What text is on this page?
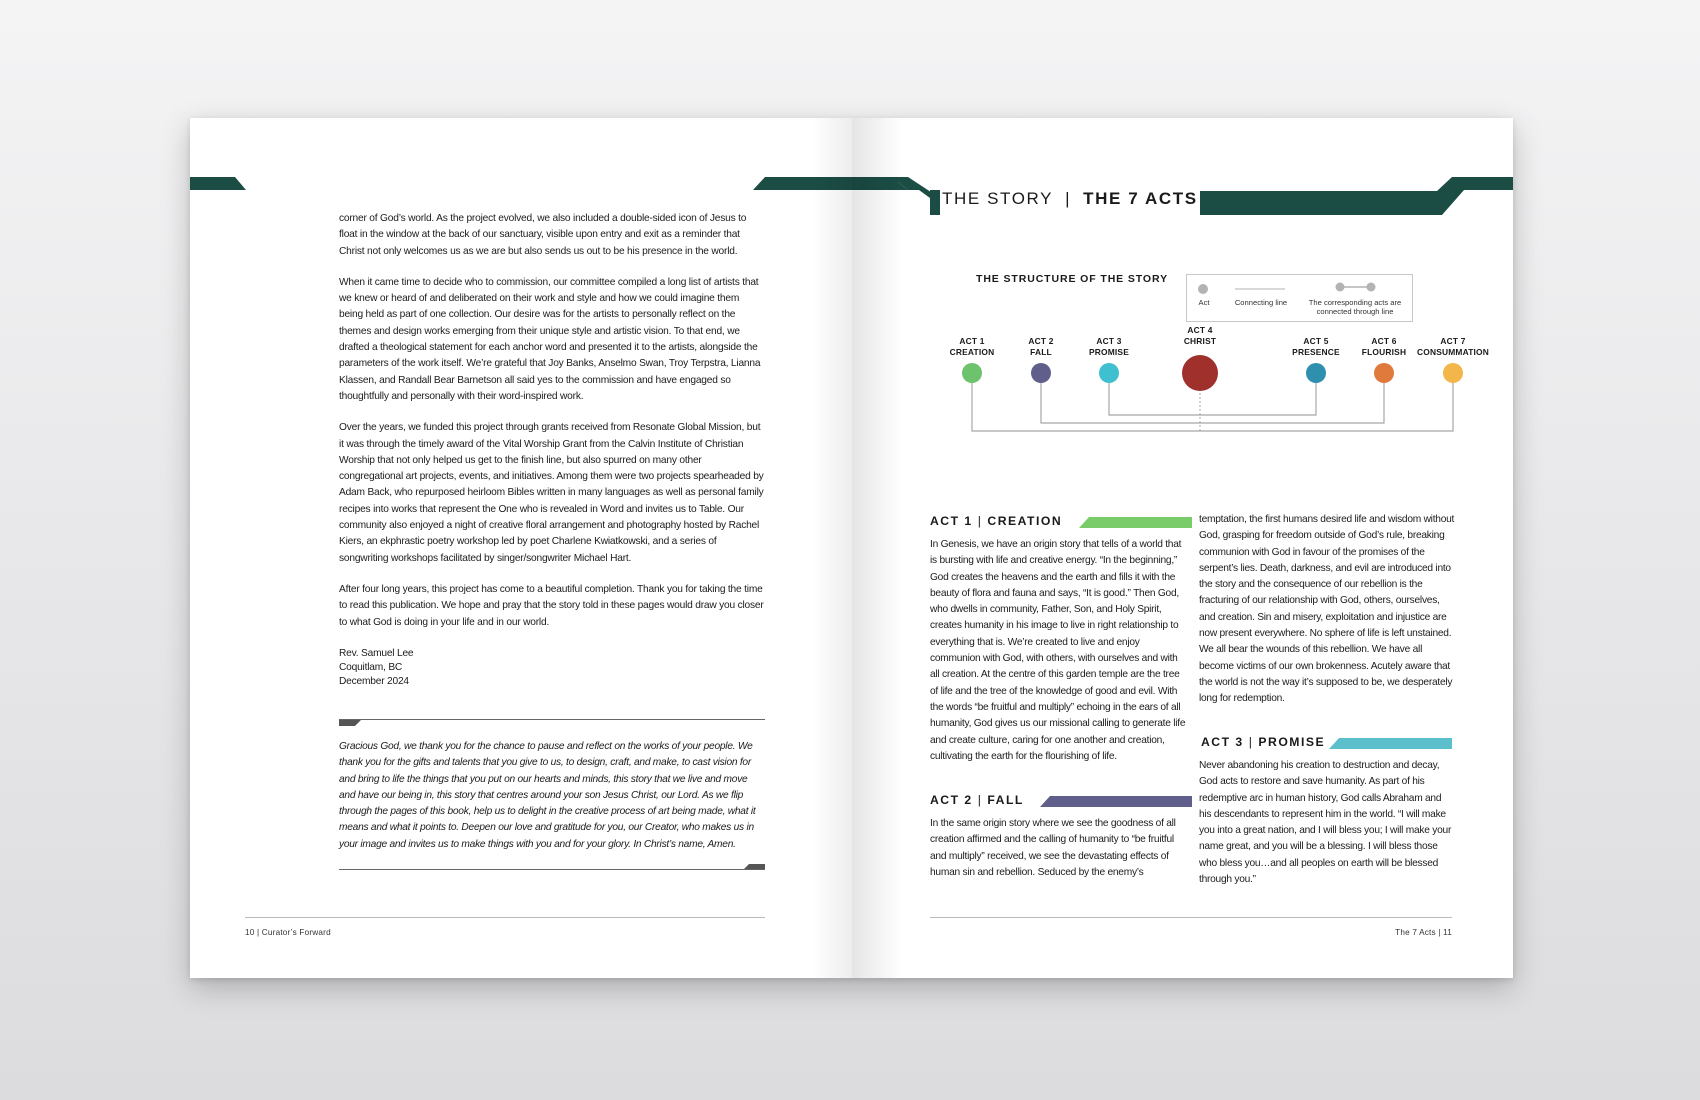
corner of God’s world. As the project evolved, we also included a double-sided icon of Jesus to float in the window at the back of our sanctuary, visible upon entry and exit as a reminder that Christ not only welcomes us as we are but also sends us out to be his presence in the world.

When it came time to decide who to commission, our committee compiled a long list of artists that we knew or heard of and deliberated on their work and style and how we could imagine them being held as part of one collection. Our desire was for the artists to personally reflect on the themes and design works emerging from their unique style and artistic vision. To that end, we drafted a theological statement for each anchor word and presented it to the artists, alongside the parameters of the work itself. We’re grateful that Joy Banks, Anselmo Swan, Troy Terpstra, Lianna Klassen, and Randall Bear Barnetson all said yes to the commission and have engaged so thoughtfully and personally with their word-inspired work.

Over the years, we funded this project through grants received from Resonate Global Mission, but it was through the timely award of the Vital Worship Grant from the Calvin Institute of Christian Worship that not only helped us get to the finish line, but also spurred on many other congregational art projects, events, and initiatives. Among them were two projects spearheaded by Adam Back, who repurposed heirloom Bibles written in many languages as well as personal family recipes into works that represent the One who is revealed in Word and invites us to Table. Our community also enjoyed a night of creative floral arrangement and photography hosted by Rachel Kiers, an ekphrastic poetry workshop led by poet Charlene Kwiatkowski, and a series of songwriting workshops facilitated by singer/songwriter Michael Hart.

After four long years, this project has come to a beautiful completion. Thank you for taking the time to read this publication. We hope and pray that the story told in these pages would draw you closer to what God is doing in your life and in our world.

Rev. Samuel Lee
Coquitlam, BC
December 2024
Gracious God, we thank you for the chance to pause and reflect on the works of your people. We thank you for the gifts and talents that you give to us, to design, craft, and make, to cast vision for and bring to life the things that you put on our hearts and minds, this story that we live and move and have our being in, this story that centres around your son Jesus Christ, our Lord. As we flip through the pages of this book, help us to delight in the creative process of art being made, what it means and what it points to. Deepen our love and gratitude for you, our Creator, who makes us in your image and invites us to make things with you and for your glory. In Christ’s name, Amen.
10 | Curator’s Forward
THE STORY | THE 7 ACTS
THE STRUCTURE OF THE STORY
Act	Connecting line	The corresponding acts are connected through line
ACT 1
CREATION
ACT 2
FALL
ACT 3
PROMISE
ACT 4
CHRIST	ACT 5
PRESENCE
ACT 6
FLOURISH
ACT 7
CONSUMMATION
ACT 1 | CREATION
In Genesis, we have an origin story that tells of a world that is bursting with life and creative energy. “In the beginning,” God creates the heavens and the earth and fills it with the beauty of flora and fauna and says, “It is good.” Then God, who dwells in community, Father, Son, and Holy Spirit, creates humanity in his image to live in right relationship to everything that is. We’re created to live and enjoy communion with God, with others, with ourselves and with all creation. At the centre of this garden temple are the tree of life and the tree of the knowledge of good and evil. With the words “be fruitful and multiply” echoing in the ears of all humanity, God gives us our missional calling to generate life and create culture, caring for one another and creation, cultivating the earth for the flourishing of life.
ACT 2 | FALL
In the same origin story where we see the goodness of all creation affirmed and the calling of humanity to “be fruitful and multiply” received, we see the devastating effects of human sin and rebellion. Seduced by the enemy’s
temptation, the first humans desired life and wisdom without God, grasping for freedom outside of God’s rule, breaking communion with God in favour of the promises of the serpent’s lies. Death, darkness, and evil are introduced into the story and the consequence of our rebellion is the fracturing of our relationship with God, others, ourselves, and creation. Sin and misery, exploitation and injustice are now present everywhere. No sphere of life is left unstained. We all bear the wounds of this rebellion. We have all become victims of our own brokenness. Acutely aware that the world is not the way it’s supposed to be, we desperately long for redemption.
ACT 3 | PROMISE
Never abandoning his creation to destruction and decay, God acts to restore and save humanity. As part of his redemptive arc in human history, God calls Abraham and his descendants to represent him in the world. “I will make you into a great nation, and I will bless you; I will make your name great, and you will be a blessing. I will bless those who bless you…and all peoples on earth will be blessed through you.”
The 7 Acts | 11
